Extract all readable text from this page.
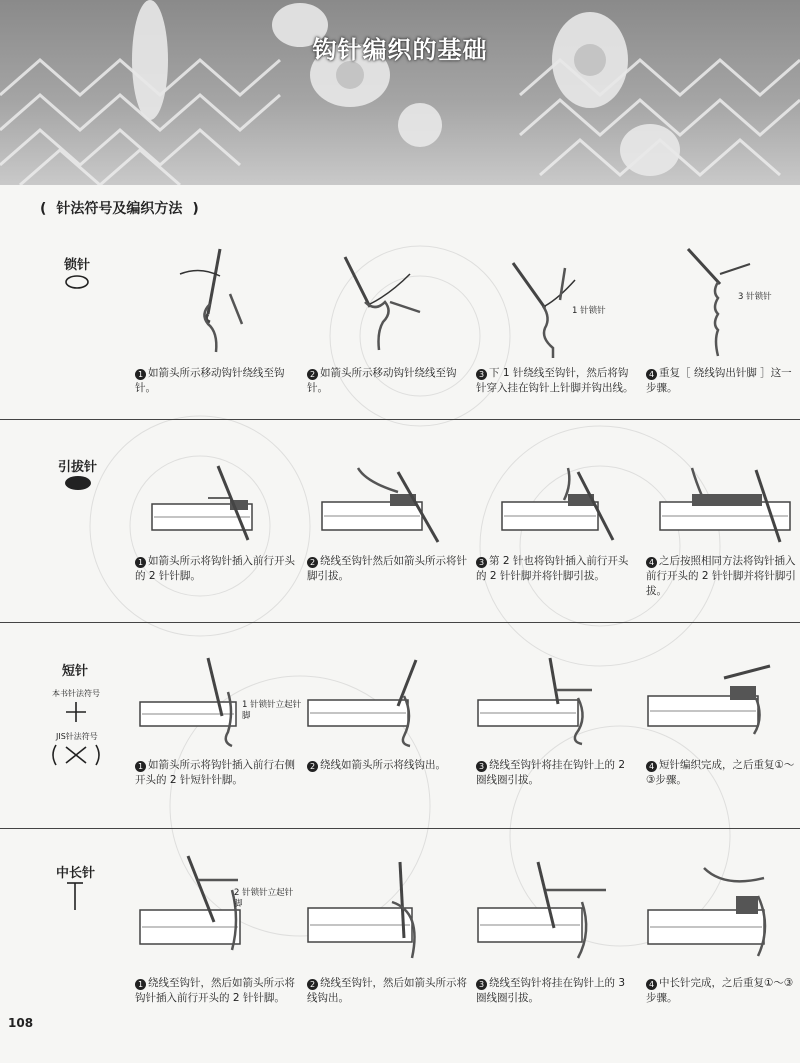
钩针编织的基础
( 针法符号及编织方法 )
锁针
1 针锁针
3 针锁针
1 如箭头所示移动钩针绕线至钩针。
2 如箭头所示移动钩针绕线至钩针。
3 下 1 针绕线至钩针，然后将钩针穿入挂在钩针上针脚并钩出线。
4 重复［ 绕线钩出针脚 ］这一步骤。
引拔针
1 如箭头所示将钩针插入前行开头的 2 针针脚。
2 绕线至钩针然后如箭头所示将针脚引拔。
3 第 2 针也将钩针插入前行开头的 2 针针脚并将针脚引拔。
4 之后按照相同方法将钩针插入前行开头的 2 针针脚并将针脚引拔。
短针
本书针法符号
JIS针法符号
1 针锁针立起针脚
1 如箭头所示将钩针插入前行右侧开头的 2 针短针针脚。
2 绕线如箭头所示将线钩出。	3 绕线至钩针将挂在钩针上的 2 圈线圈引拔。
4 短针编织完成，之后重复①～③步骤。
中长针
2 针锁针立起针脚
1 绕线至钩针，然后如箭头所示将钩针插入前行开头的 2 针针脚。
2 绕线至钩针，然后如箭头所示将线钩出。
3 绕线至钩针将挂在钩针上的 3 圈线圈引拔。
4 中长针完成，之后重复①～③步骤。
108
